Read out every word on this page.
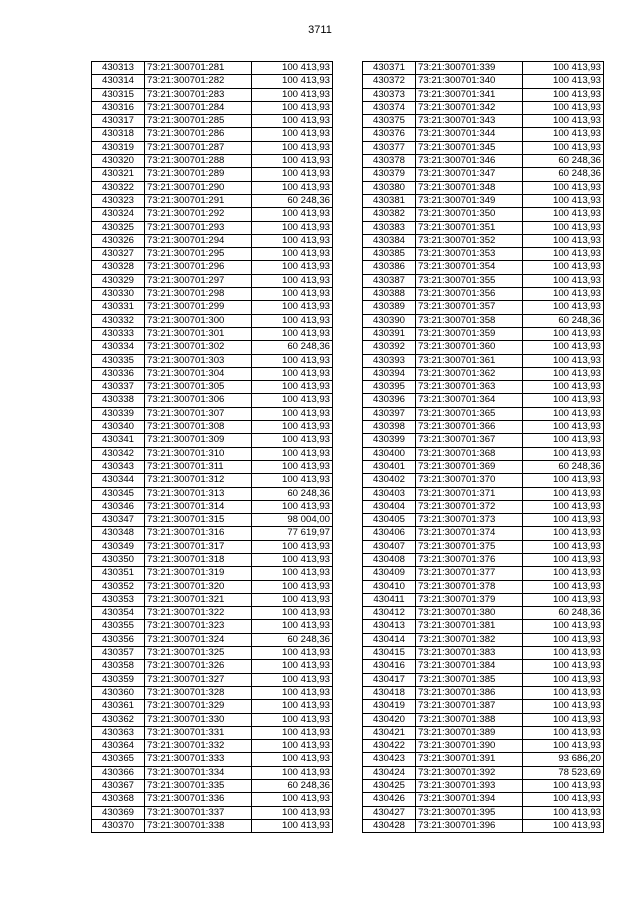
3711
430313	73:21:300701:281	100 413,93
430314	73:21:300701:282	100 413,93
430315	73:21:300701:283	100 413,93
430316	73:21:300701:284	100 413,93
430317	73:21:300701:285	100 413,93
430318	73:21:300701:286	100 413,93
430319	73:21:300701:287	100 413,93
430320	73:21:300701:288	100 413,93
430321	73:21:300701:289	100 413,93
430322	73:21:300701:290	100 413,93
430323	73:21:300701:291	60 248,36
430324	73:21:300701:292	100 413,93
430325	73:21:300701:293	100 413,93
430326	73:21:300701:294	100 413,93
430327	73:21:300701:295	100 413,93
430328	73:21:300701:296	100 413,93
430329	73:21:300701:297	100 413,93
430330	73:21:300701:298	100 413,93
430331	73:21:300701:299	100 413,93
430332	73:21:300701:300	100 413,93
430333	73:21:300701:301	100 413,93
430334	73:21:300701:302	60 248,36
430335	73:21:300701:303	100 413,93
430336	73:21:300701:304	100 413,93
430337	73:21:300701:305	100 413,93
430338	73:21:300701:306	100 413,93
430339	73:21:300701:307	100 413,93
430340	73:21:300701:308	100 413,93
430341	73:21:300701:309	100 413,93
430342	73:21:300701:310	100 413,93
430343	73:21:300701:311	100 413,93
430344	73:21:300701:312	100 413,93
430345	73:21:300701:313	60 248,36
430346	73:21:300701:314	100 413,93
430347	73:21:300701:315	98 004,00
430348	73:21:300701:316	77 619,97
430349	73:21:300701:317	100 413,93
430350	73:21:300701:318	100 413,93
430351	73:21:300701:319	100 413,93
430352	73:21:300701:320	100 413,93
430353	73:21:300701:321	100 413,93
430354	73:21:300701:322	100 413,93
430355	73:21:300701:323	100 413,93
430356	73:21:300701:324	60 248,36
430357	73:21:300701:325	100 413,93
430358	73:21:300701:326	100 413,93
430359	73:21:300701:327	100 413,93
430360	73:21:300701:328	100 413,93
430361	73:21:300701:329	100 413,93
430362	73:21:300701:330	100 413,93
430363	73:21:300701:331	100 413,93
430364	73:21:300701:332	100 413,93
430365	73:21:300701:333	100 413,93
430366	73:21:300701:334	100 413,93
430367	73:21:300701:335	60 248,36
430368	73:21:300701:336	100 413,93
430369	73:21:300701:337	100 413,93
430370	73:21:300701:338	100 413,93
430371	73:21:300701:339	100 413,93
430372	73:21:300701:340	100 413,93
430373	73:21:300701:341	100 413,93
430374	73:21:300701:342	100 413,93
430375	73:21:300701:343	100 413,93
430376	73:21:300701:344	100 413,93
430377	73:21:300701:345	100 413,93
430378	73:21:300701:346	60 248,36
430379	73:21:300701:347	60 248,36
430380	73:21:300701:348	100 413,93
430381	73:21:300701:349	100 413,93
430382	73:21:300701:350	100 413,93
430383	73:21:300701:351	100 413,93
430384	73:21:300701:352	100 413,93
430385	73:21:300701:353	100 413,93
430386	73:21:300701:354	100 413,93
430387	73:21:300701:355	100 413,93
430388	73:21:300701:356	100 413,93
430389	73:21:300701:357	100 413,93
430390	73:21:300701:358	60 248,36
430391	73:21:300701:359	100 413,93
430392	73:21:300701:360	100 413,93
430393	73:21:300701:361	100 413,93
430394	73:21:300701:362	100 413,93
430395	73:21:300701:363	100 413,93
430396	73:21:300701:364	100 413,93
430397	73:21:300701:365	100 413,93
430398	73:21:300701:366	100 413,93
430399	73:21:300701:367	100 413,93
430400	73:21:300701:368	100 413,93
430401	73:21:300701:369	60 248,36
430402	73:21:300701:370	100 413,93
430403	73:21:300701:371	100 413,93
430404	73:21:300701:372	100 413,93
430405	73:21:300701:373	100 413,93
430406	73:21:300701:374	100 413,93
430407	73:21:300701:375	100 413,93
430408	73:21:300701:376	100 413,93
430409	73:21:300701:377	100 413,93
430410	73:21:300701:378	100 413,93
430411	73:21:300701:379	100 413,93
430412	73:21:300701:380	60 248,36
430413	73:21:300701:381	100 413,93
430414	73:21:300701:382	100 413,93
430415	73:21:300701:383	100 413,93
430416	73:21:300701:384	100 413,93
430417	73:21:300701:385	100 413,93
430418	73:21:300701:386	100 413,93
430419	73:21:300701:387	100 413,93
430420	73:21:300701:388	100 413,93
430421	73:21:300701:389	100 413,93
430422	73:21:300701:390	100 413,93
430423	73:21:300701:391	93 686,20
430424	73:21:300701:392	78 523,69
430425	73:21:300701:393	100 413,93
430426	73:21:300701:394	100 413,93
430427	73:21:300701:395	100 413,93
430428	73:21:300701:396	100 413,93
